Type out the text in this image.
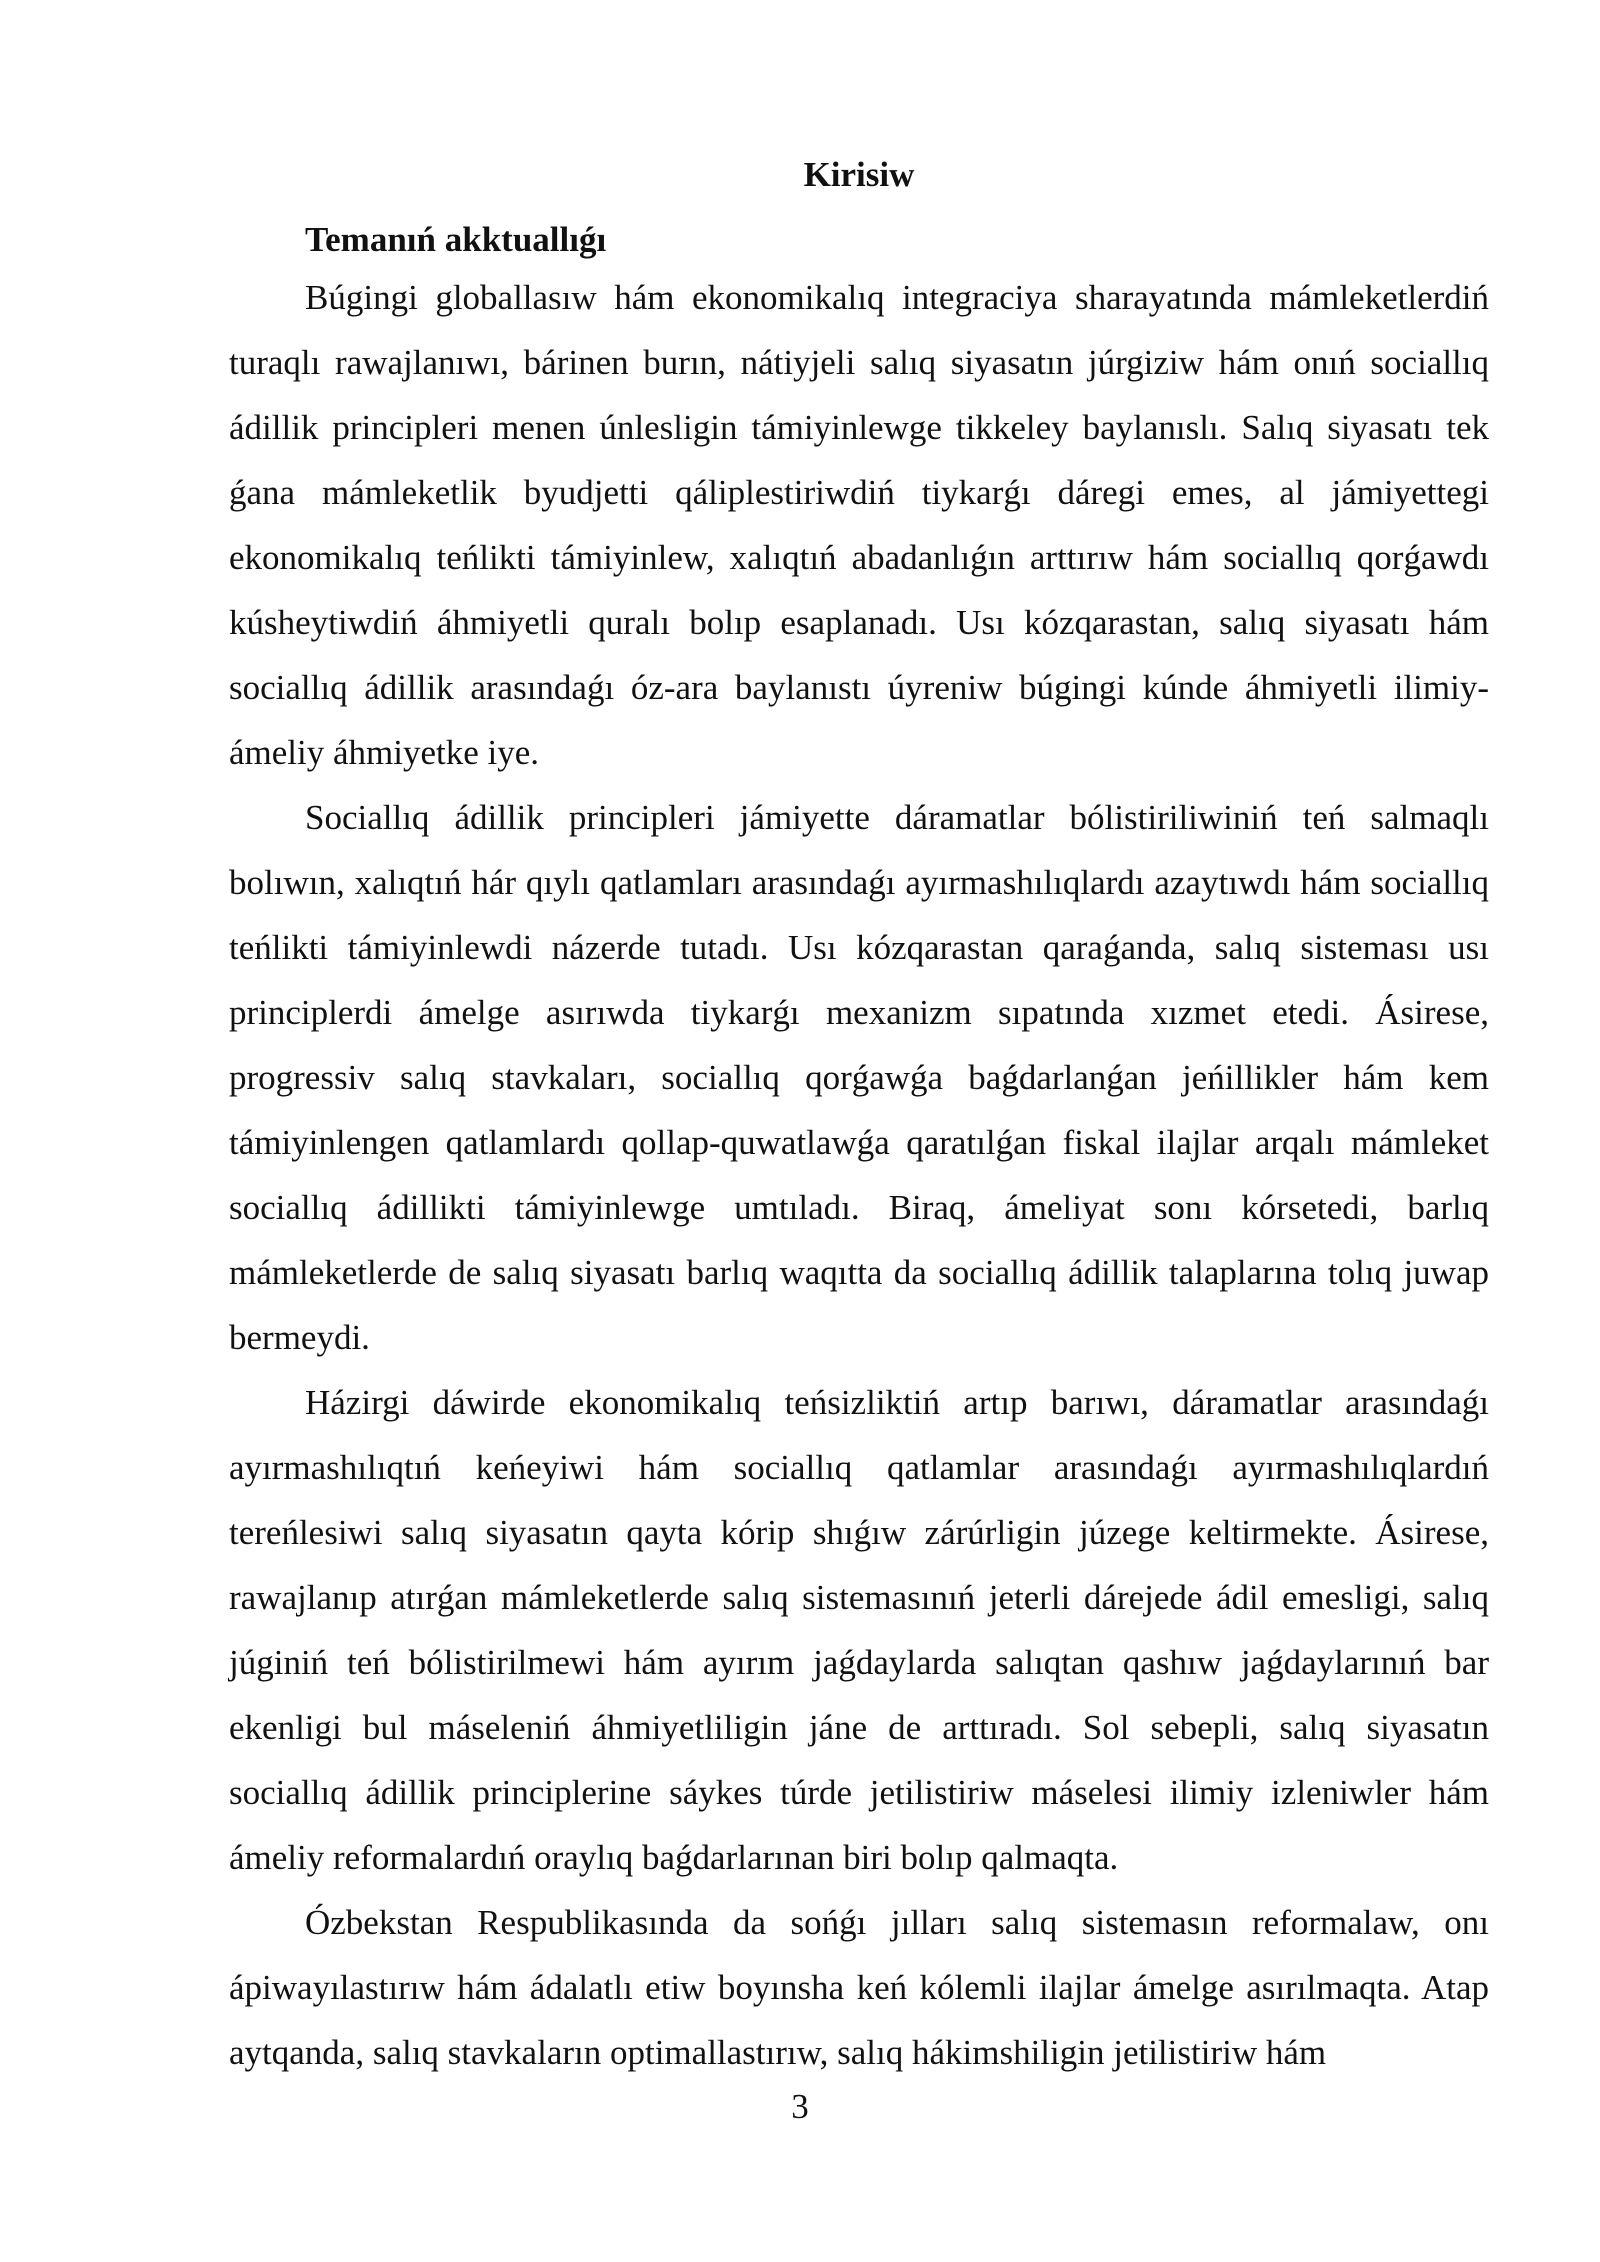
Kirisiw
Temanıń akktuallıǵı

Búgingi globallasıw hám ekonomikalıq integraciya sharayatında mámleketlerdiń turaqlı rawajlanıwı, bárinen burın, nátiyjeli salıq siyasatın júrgiziw hám onıń sociallıq ádillik principleri menen únlesligin támiyinlewge tikkeley baylanıslı. Salıq siyasatı tek ǵana mámleketlik byudjetti qáliplestiriwdiń tiykarǵı dáregi emes, al jámiyettegi ekonomikalıq teńlikti támiyinlew, xalıqtıń abadanlıǵın arttırıw hám sociallıq qorǵawdı kúsheytiwdiń áhmiyetli quralı bolıp esaplanadı. Usı kózqarastan, salıq siyasatı hám sociallıq ádillik arasındaǵı óz-ara baylanıstı úyreniw búgingi kúnde áhmiyetli ilimiy-ámeliy áhmiyetke iye.

Sociallıq ádillik principleri jámiyette dáramatlar bólistiriliwiniń teń salmaqlı bolıwın, xalıqtıń hár qıylı qatlamları arasındaǵı ayırmashılıqlardı azaytıwdı hám sociallıq teńlikti támiyinlewdi názerde tutadı. Usı kózqarastan qaraǵanda, salıq sisteması usı principlerdi ámelge asırıwda tiykarǵı mexanizm sıpatında xızmet etedi. Ásirese, progressiv salıq stavkaları, sociallıq qorǵawǵa baǵdarlanǵan jeńillikler hám kem támiyinlengen qatlamlardı qollap-quwatlawǵa qaratılǵan fiskal ilajlar arqalı mámleket sociallıq ádillikti támiyinlewge umtıladı. Biraq, ámeliyat sonı kórsetedi, barlıq mámleketlerde de salıq siyasatı barlıq waqıtta da sociallıq ádillik talaplarına tolıq juwap bermeydi.

Házirgi dáwirde ekonomikalıq teńsizliktiń artıp barıwı, dáramatlar arasındaǵı ayırmashılıqtıń keńeyiwi hám sociallıq qatlamlar arasındaǵı ayırmashılıqlardıń tereńlesiwi salıq siyasatın qayta kórip shıǵıw zárúrligin júzege keltirmekte. Ásirese, rawajlanıp atırǵan mámleketlerde salıq sistemasınıń jeterli dárejede ádil emesligi, salıq júginiń teń bólistirilmewi hám ayırım jaǵdaylarda salıqtan qashıw jaǵdaylarınıń bar ekenligi bul máseleniń áhmiyetliligin jáne de arttıradı. Sol sebepli, salıq siyasatın sociallıq ádillik principlerine sáykes túrde jetilistiriw máselesi ilimiy izleniwler hám ámeliy reformalardıń oraylıq baǵdarlarınan biri bolıp qalmaqta.

Ózbekstan Respublikasında da sońǵı jılları salıq sistemasın reformalaw, onı ápiwayılastırıw hám ádalatlı etiw boyınsha keń kólemli ilajlar ámelge asırılmaqta. Atap aytqanda, salıq stavkaların optimallastırıw, salıq hákimshiligin jetilistiriw hám

3
